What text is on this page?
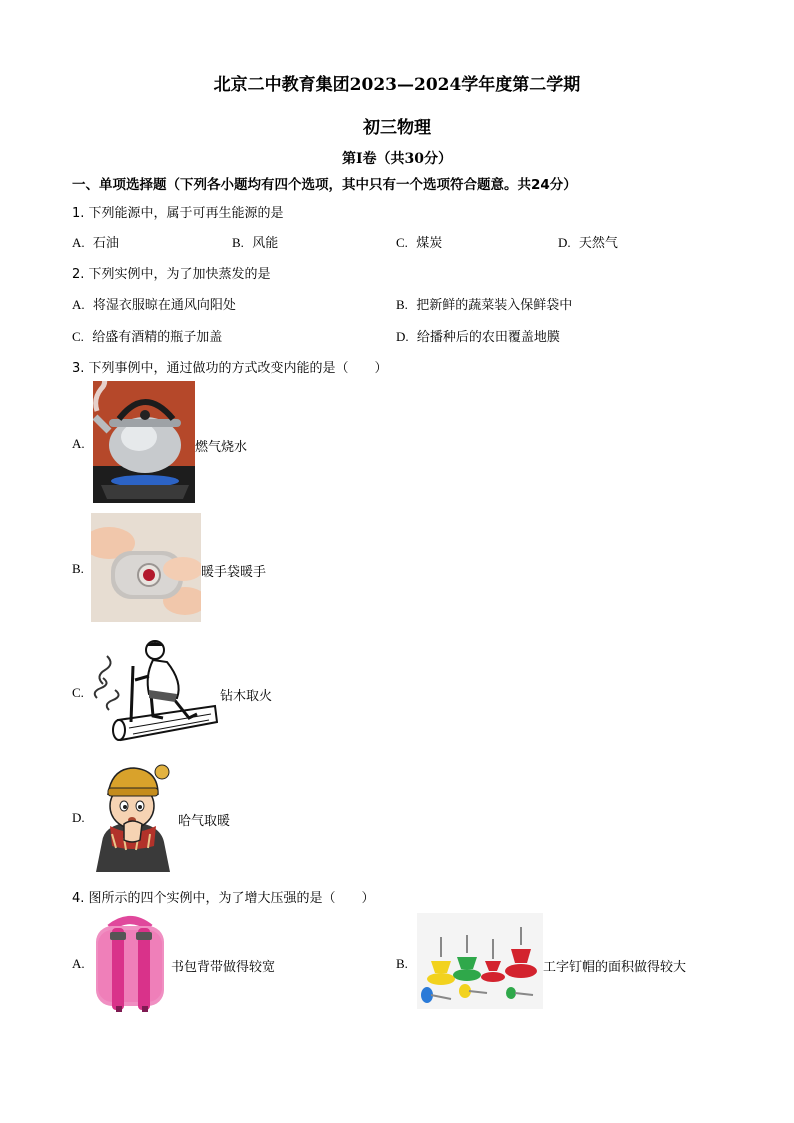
北京二中教育集团2023—2024学年度第二学期
初三物理
第Ⅰ卷（共30分）
一、单项选择题（下列各小题均有四个选项，其中只有一个选项符合题意。共24分）
1. 下列能源中，属于可再生能源的是
A. 石油	B. 风能	C. 煤炭	D. 天然气
2. 下列实例中，为了加快蒸发的是
A. 将湿衣服晾在通风向阳处	B. 把新鲜的蔬菜装入保鲜袋中
C. 给盛有酒精的瓶子加盖	D. 给播种后的农田覆盖地膜
3. 下列事例中，通过做功的方式改变内能的是（　　）
A.	燃气烧水
B.	暖手袋暖手
C.	钻木取火
D.	哈气取暖
4. 图所示的四个实例中，为了增大压强的是（　　）
A.	书包背带做得较宽	B.	工字钉帽的面积做得较大
